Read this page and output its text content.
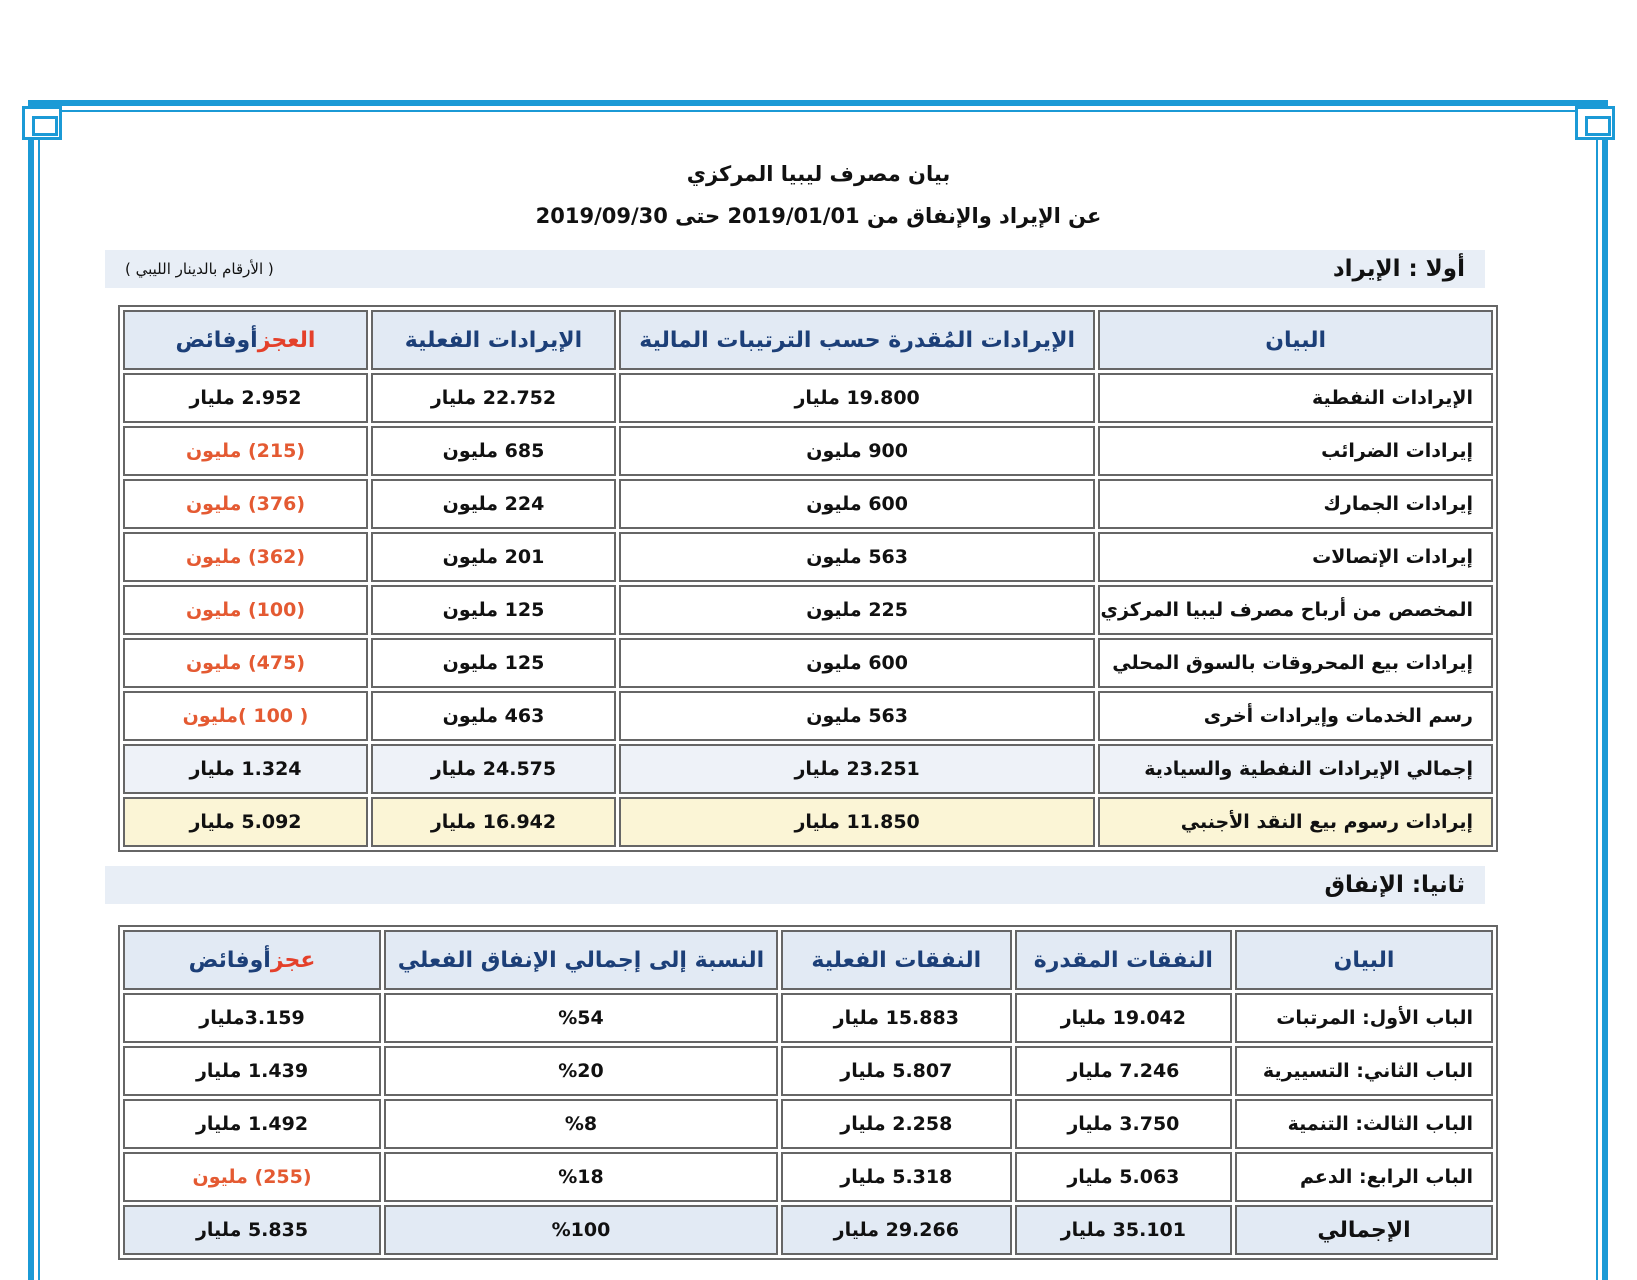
بيان مصرف ليبيا المركزي
عن الإيراد والإنفاق من 2019/01/01 حتى 2019/09/30
أولا : الإيراد
( الأرقام بالدينار الليبي )
البيان	الإيرادات المُقدرة حسب الترتيبات المالية	الإيرادات الفعلية	العجزأوفائض
الإيرادات النفطية	19.800 مليار	22.752 مليار	2.952 مليار
إيرادات الضرائب	900 مليون	685 مليون	(215) مليون
إيرادات الجمارك	600 مليون	224 مليون	(376) مليون
إيرادات الإتصالات	563 مليون	201 مليون	(362) مليون
المخصص من أرباح مصرف ليبيا المركزي	225 مليون	125 مليون	(100) مليون
إيرادات بيع المحروقات بالسوق المحلي	600 مليون	125 مليون	(475) مليون
رسم الخدمات وإيرادات أخرى	563 مليون	463 مليون	( 100 )مليون
إجمالي الإيرادات النفطية والسيادية	23.251 مليار	24.575 مليار	1.324 مليار
إيرادات رسوم بيع النقد الأجنبي	11.850 مليار	16.942 مليار	5.092 مليار
ثانيا: الإنفاق
البيان	النفقات المقدرة	النفقات الفعلية	النسبة إلى إجمالي الإنفاق الفعلي	عجزأوفائض
الباب الأول: المرتبات	19.042 مليار	15.883 مليار	%54	3.159مليار
الباب الثاني: التسييرية	7.246 مليار	5.807 مليار	%20	1.439 مليار
الباب الثالث: التنمية	3.750 مليار	2.258 مليار	%8	1.492 مليار
الباب الرابع: الدعم	5.063 مليار	5.318 مليار	%18	(255) مليون
الإجمالي	35.101 مليار	29.266 مليار	%100	5.835 مليار
